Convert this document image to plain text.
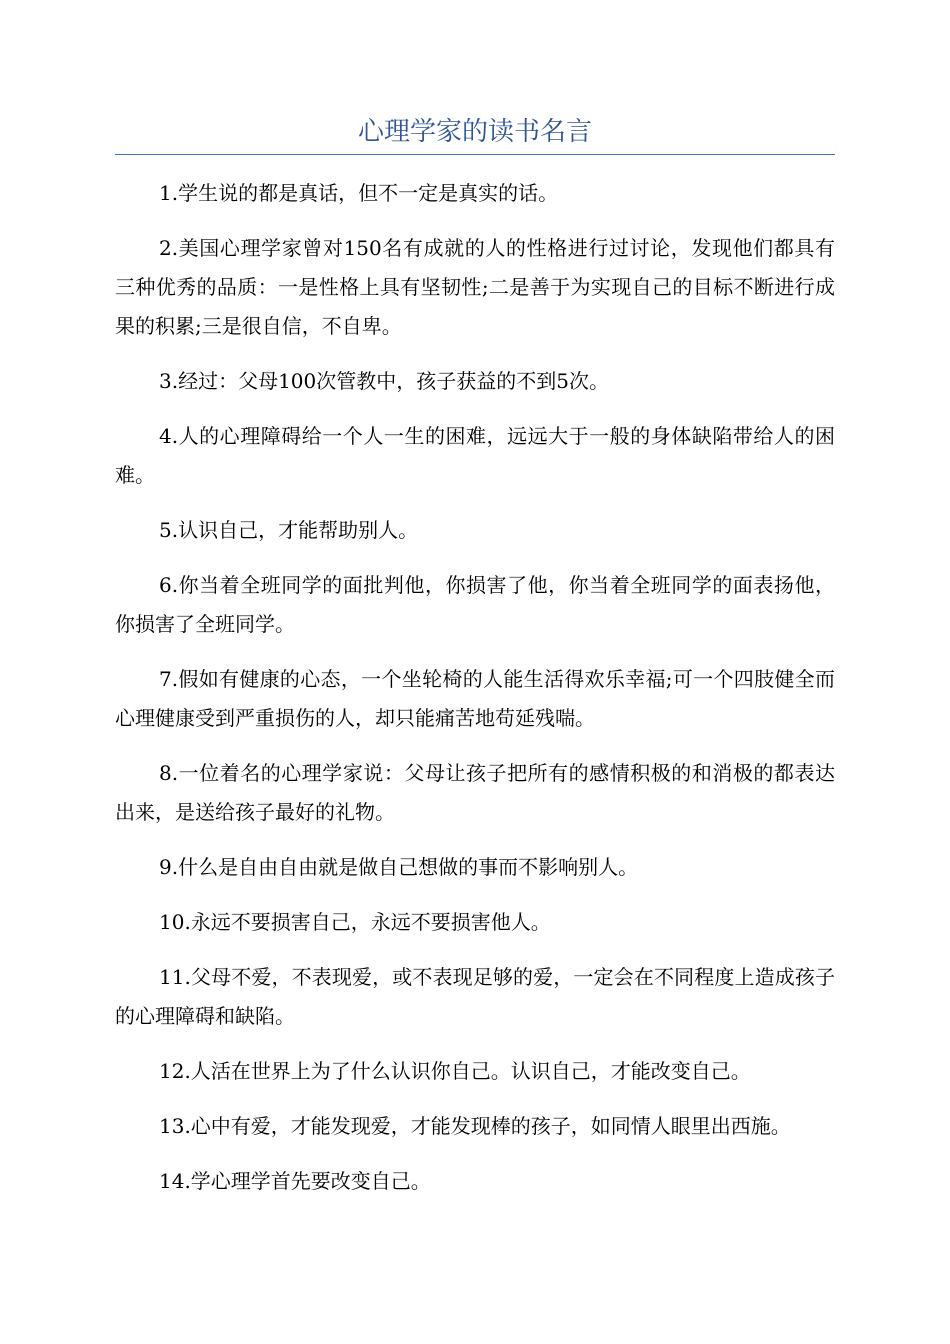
心理学家的读书名言

1.学生说的都是真话，但不一定是真实的话。

2.美国心理学家曾对150名有成就的人的性格进行过讨论，发现他们都具有三种优秀的品质：一是性格上具有坚韧性;二是善于为实现自己的目标不断进行成果的积累;三是很自信，不自卑。

3.经过：父母100次管教中，孩子获益的不到5次。

4.人的心理障碍给一个人一生的困难，远远大于一般的身体缺陷带给人的困难。

5.认识自己，才能帮助别人。

6.你当着全班同学的面批判他，你损害了他，你当着全班同学的面表扬他，你损害了全班同学。

7.假如有健康的心态，一个坐轮椅的人能生活得欢乐幸福;可一个四肢健全而心理健康受到严重损伤的人，却只能痛苦地苟延残喘。

8.一位着名的心理学家说：父母让孩子把所有的感情积极的和消极的都表达出来，是送给孩子最好的礼物。

9.什么是自由自由就是做自己想做的事而不影响别人。

10.永远不要损害自己，永远不要损害他人。

11.父母不爱，不表现爱，或不表现足够的爱，一定会在不同程度上造成孩子的心理障碍和缺陷。

12.人活在世界上为了什么认识你自己。认识自己，才能改变自己。

13.心中有爱，才能发现爱，才能发现棒的孩子，如同情人眼里出西施。

14.学心理学首先要改变自己。
